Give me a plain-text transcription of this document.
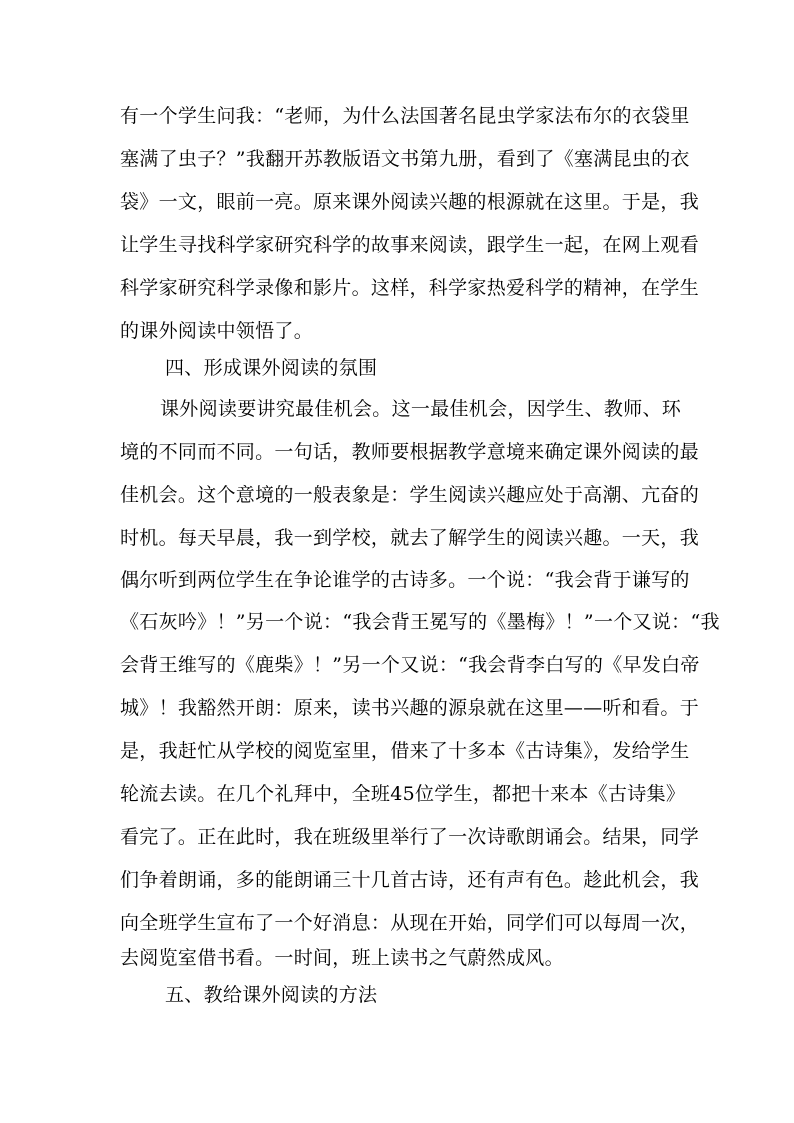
有一个学生问我：“老师，为什么法国著名昆虫学家法布尔的衣袋里
塞满了虫子？”我翻开苏教版语文书第九册，看到了《塞满昆虫的衣
袋》一文，眼前一亮。原来课外阅读兴趣的根源就在这里。于是，我
让学生寻找科学家研究科学的故事来阅读，跟学生一起，在网上观看
科学家研究科学录像和影片。这样，科学家热爱科学的精神，在学生
的课外阅读中领悟了。
四、形成课外阅读的氛围
课外阅读要讲究最佳机会。这一最佳机会，因学生、教师、环
境的不同而不同。一句话，教师要根据教学意境来确定课外阅读的最
佳机会。这个意境的一般表象是：学生阅读兴趣应处于高潮、亢奋的
时机。每天早晨，我一到学校，就去了解学生的阅读兴趣。一天，我
偶尔听到两位学生在争论谁学的古诗多。一个说：“我会背于谦写的
《石灰吟》！”另一个说：“我会背王冕写的《墨梅》！”一个又说：“我
会背王维写的《鹿柴》！”另一个又说：“我会背李白写的《早发白帝
城》！我豁然开朗：原来，读书兴趣的源泉就在这里——听和看。于
是，我赶忙从学校的阅览室里，借来了十多本《古诗集》，发给学生
轮流去读。在几个礼拜中，全班45位学生，都把十来本《古诗集》
看完了。正在此时，我在班级里举行了一次诗歌朗诵会。结果，同学
们争着朗诵，多的能朗诵三十几首古诗，还有声有色。趁此机会，我
向全班学生宣布了一个好消息：从现在开始，同学们可以每周一次，
去阅览室借书看。一时间，班上读书之气蔚然成风。
五、教给课外阅读的方法
